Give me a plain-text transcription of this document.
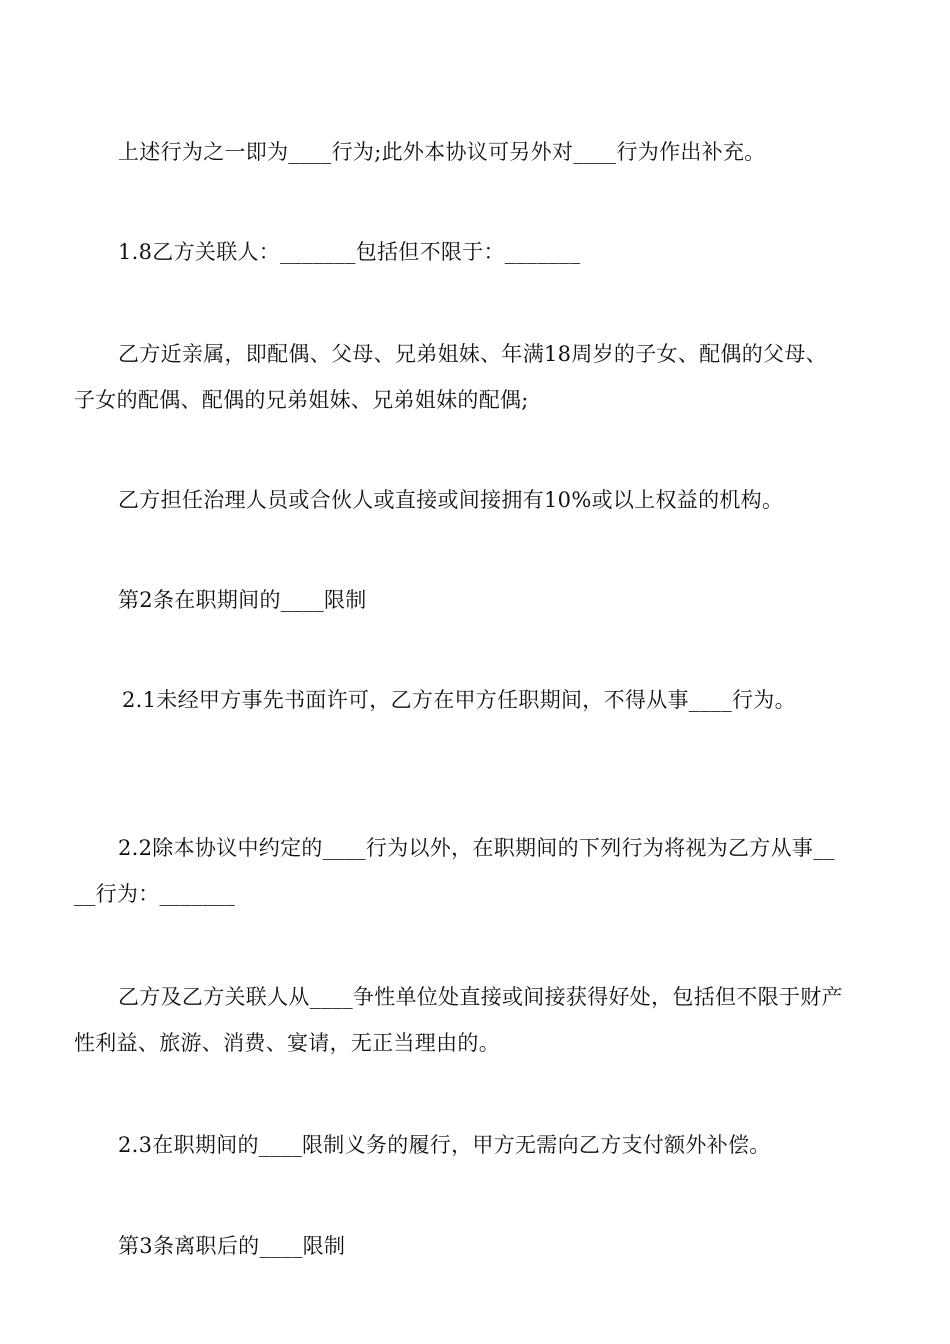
上述行为之一即为____行为;此外本协议可另外对____行为作出补充。

1.8乙方关联人：_______包括但不限于：_______

乙方近亲属，即配偶、父母、兄弟姐妹、年满18周岁的子女、配偶的父母、

子女的配偶、配偶的兄弟姐妹、兄弟姐妹的配偶;

乙方担任治理人员或合伙人或直接或间接拥有10%或以上权益的机构。

第2条在职期间的____限制

2.1未经甲方事先书面许可，乙方在甲方任职期间，不得从事____行为。

2.2除本协议中约定的____行为以外，在职期间的下列行为将视为乙方从事__

__行为：_______

乙方及乙方关联人从____争性单位处直接或间接获得好处，包括但不限于财产

性利益、旅游、消费、宴请，无正当理由的。

2.3在职期间的____限制义务的履行，甲方无需向乙方支付额外补偿。

第3条离职后的____限制
